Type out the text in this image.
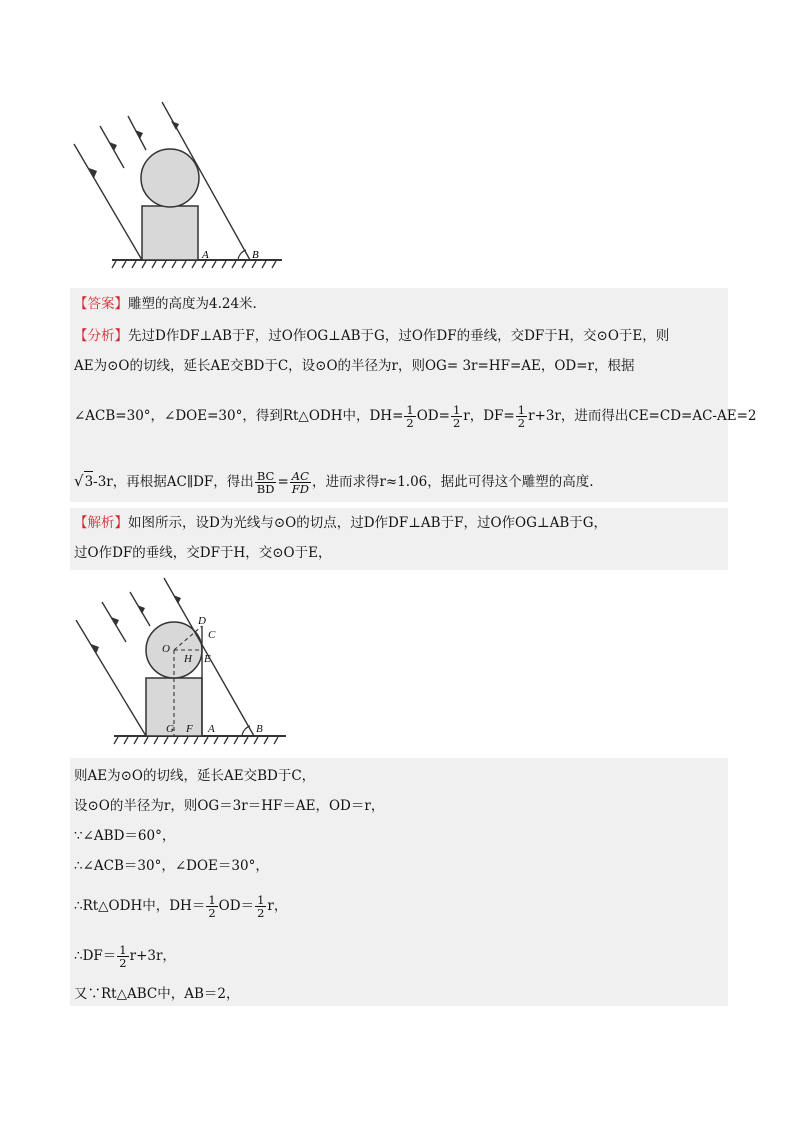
A	B
【答案】雕塑的高度为4.24米.
【分析】先过D作DF⊥AB于F，过O作OG⊥AB于G，过O作DF的垂线，交DF于H，交⊙O于E，则
AE为⊙O的切线，延长AE交BD于C，设⊙O的半径为r，则OG= 3r=HF=AE，OD=r，根据
∠ACB=30°，∠DOE=30°，得到Rt△ODH中，$DH= \frac{1}{2} OD= \frac{1}{2}$ r，$DF= \frac{1}{2} r+3r$，进而得出CE=CD=AC-AE=2
√3-3r，再根据AC∥DF，得出 $\frac{BC}{BD} = \frac{AC}{FD}$ ，进而求得r≈1.06，据此可得这个雕塑的高度.
【解析】如图所示，设D为光线与⊙O的切点，过D作DF⊥AB于F，过O作OG⊥AB于G，
过O作DF的垂线，交DF于H，交⊙O于E，
D
C
O
H E
G F A	B
则AE为⊙O的切线，延长AE交BD于C，
设⊙O的半径为r，则OG＝3r＝HF＝AE，OD＝r，
∵∠ABD＝60°，
∴∠ACB＝30°，∠DOE＝30°，
∴Rt△ODH中，$DH= \frac{1}{2} OD= \frac{1}{2}$ r，
∴DF＝ $\frac{1}{2} r+3r$，
又∵Rt△ABC中，AB＝2，
